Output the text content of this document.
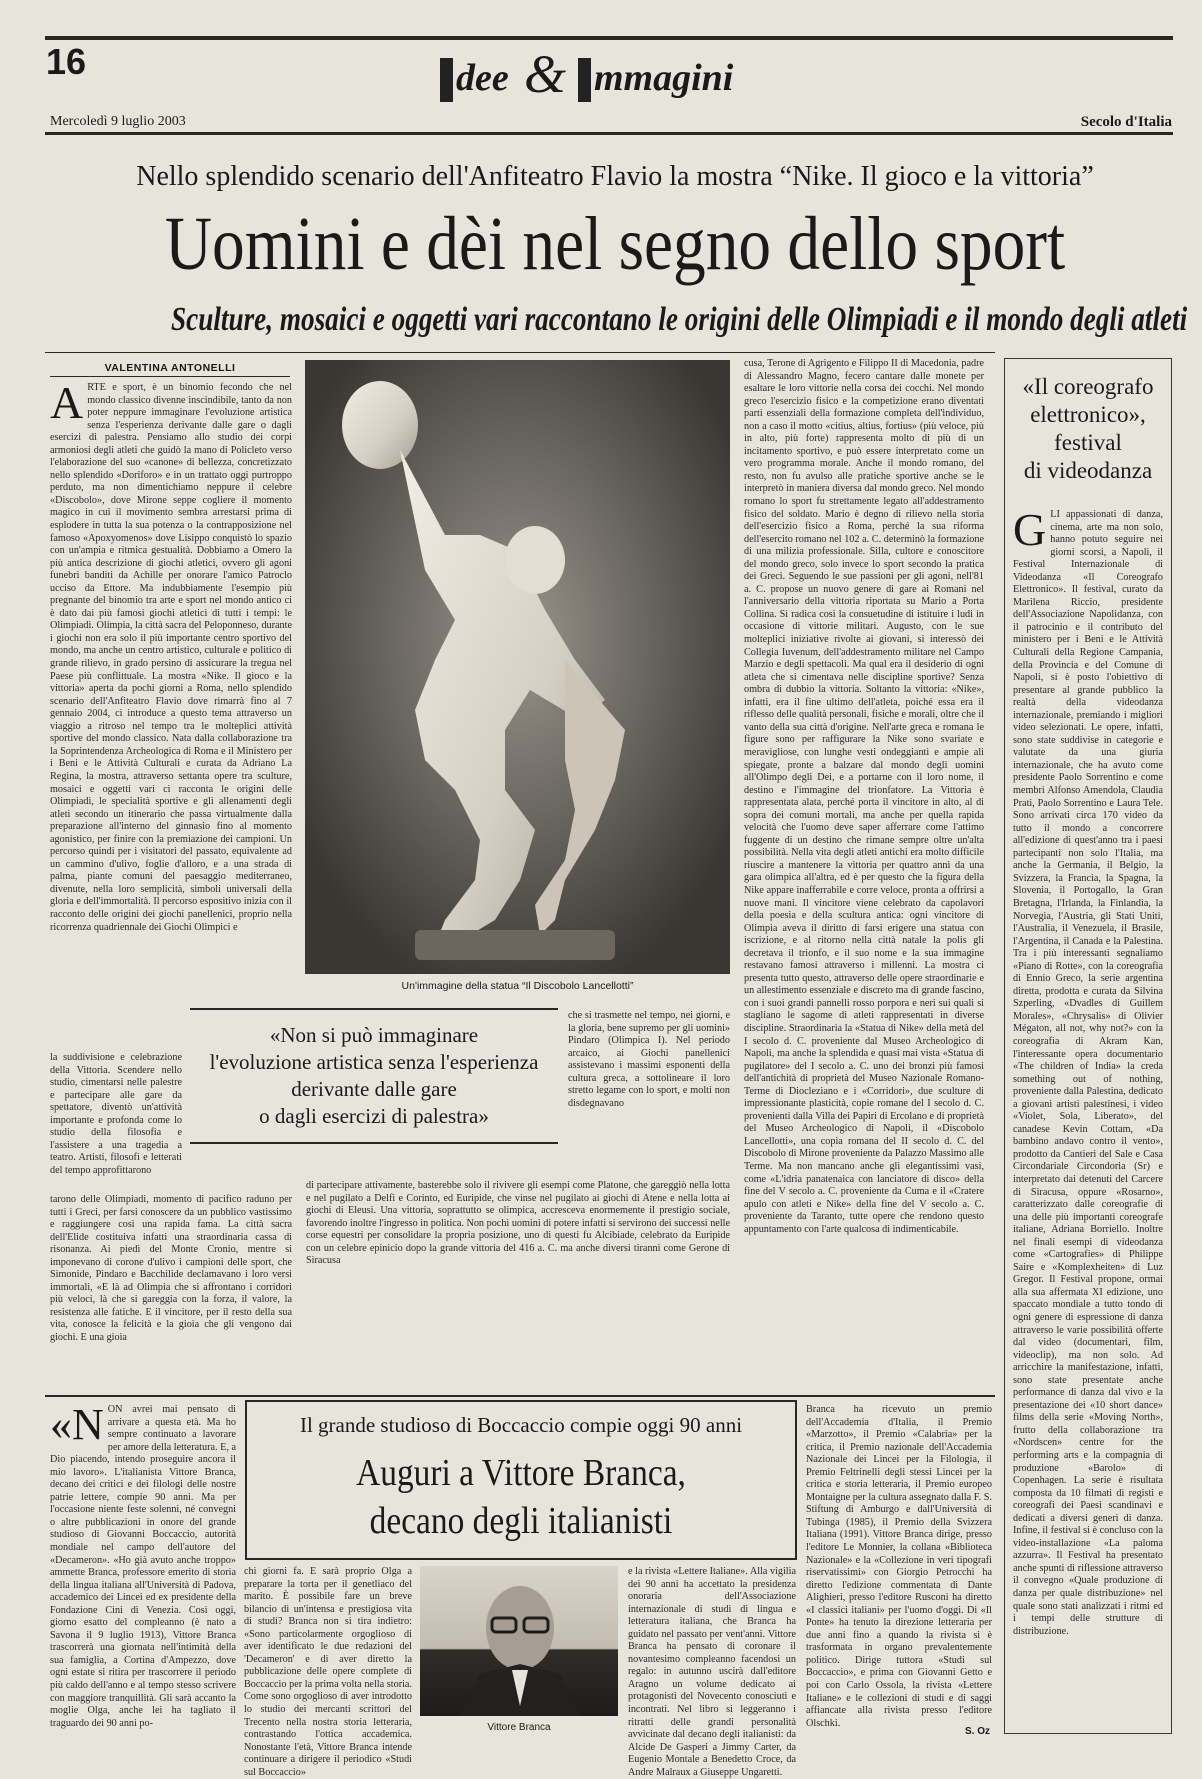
16	dee & mmagini
Mercoledì 9 luglio 2003	Secolo d'Italia
Nello splendido scenario dell'Anfiteatro Flavio la mostra “Nike. Il gioco e la vittoria”
Uomini e dèi nel segno dello sport
Sculture, mosaici e oggetti vari raccontano le origini delle Olimpiadi e il mondo degli atleti
VALENTINA ANTONELLI
ARTE e sport, è un binomio fecondo che nel mondo classico divenne inscindibile, tanto da non poter neppure immaginare l'evoluzione artistica senza l'esperienza derivante dalle gare o dagli esercizi di palestra. Pensiamo allo studio dei corpi armoniosi degli atleti che guidò la mano di Policleto verso l'elaborazione del suo «canone» di bellezza, concretizzato nello splendido «Doriforo» e in un trattato oggi purtroppo perduto, ma non dimentichiamo neppure il celebre «Discobolo», dove Mirone seppe cogliere il momento magico in cui il movimento sembra arrestarsi prima di esplodere in tutta la sua potenza o la contrapposizione nel famoso «Apoxyomenos» dove Lisippo conquistò lo spazio con un'ampia e ritmica gestualità. Dobbiamo a Omero la più antica descrizione di giochi atletici, ovvero gli agoni funebri banditi da Achille per onorare l'amico Patroclo ucciso da Ettore. Ma indubbiamente l'esempio più pregnante del binomio tra arte e sport nel mondo antico ci è dato dai più famosi giochi atletici di tutti i tempi: le Olimpiadi. Olimpia, la città sacra del Peloponneso, durante i giochi non era solo il più importante centro sportivo del mondo, ma anche un centro artistico, culturale e politico di grande rilievo, in grado persino di assicurare la tregua nel Paese più conflittuale. La mostra «Nike. Il gioco e la vittoria» aperta da pochi giorni a Roma, nello splendido scenario dell'Anfiteatro Flavio dove rimarrà fino al 7 gennaio 2004, ci introduce a questo tema attraverso un viaggio a ritroso nel tempo tra le molteplici attività sportive del mondo classico. Nata dalla collaborazione tra la Soprintendenza Archeologica di Roma e il Ministero per i Beni e le Attività Culturali e curata da Adriano La Regina, la mostra, attraverso settanta opere tra sculture, mosaici e oggetti vari ci racconta le origini delle Olimpiadi, le specialità sportive e gli allenamenti degli atleti secondo un itinerario che passa virtualmente dalla preparazione all'interno del ginnasio fino al momento agonistico, per finire con la premiazione dei campioni. Un percorso quindi per i visitatori del passato, equivalente ad un cammino d'ulivo, foglie d'alloro, e a una strada di palma, piante comuni del paesaggio mediterraneo, divenute, nella loro semplicità, simboli universali della gloria e dell'immortalità. Il percorso espositivo inizia con il racconto delle origini dei giochi panellenici, proprio nella ricorrenza quadriennale dei Giochi Olimpici e
Un'immagine della statua “Il Discobolo Lancellotti”
la suddivisione e celebrazione della Vittoria. Scendere nello studio, cimentarsi nelle palestre e partecipare alle gare da spettatore, diventò un'attività importante e profonda come lo studio della filosofia e l'assistere a una tragedia a teatro. Artisti, filosofi e letterati del tempo approfittarono
«Non si può immaginare
l'evoluzione artistica senza l'esperienza
derivante dalle gare
o dagli esercizi di palestra»
che si trasmette nel tempo, nei giorni, e la gloria, bene supremo per gli uomini» Pindaro (Olimpica I). Nel periodo arcaico, ai Giochi panellenici assistevano i massimi esponenti della cultura greca, a sottolineare il loro stretto legame con lo sport, e molti non disdegnavano
tarono delle Olimpiadi, momento di pacifico raduno per tutti i Greci, per farsi conoscere da un pubblico vastissimo e raggiungere così una rapida fama. La città sacra dell'Elide costituiva infatti una straordinaria cassa di risonanza. Ai piedi del Monte Cronio, mentre si imponevano di corone d'ulivo i campioni delle sport, che Simonide, Pindaro e Bacchilide declamavano i loro versi immortali, «E là ad Olimpia che si affrontano i corridori più veloci, là che si gareggia con la forza, il valore, la resistenza alle fatiche. E il vincitore, per il resto della sua vita, conosce la felicità e la gioia che gli vengono dai giochi. E una gioia
di partecipare attivamente, basterebbe solo il rivivere gli esempi come Platone, che gareggiò nella lotta e nel pugilato a Delfi e Corinto, ed Euripide, che vinse nel pugilato ai giochi di Atene e nella lotta ai giochi di Eleusi. Una vittoria, soprattutto se olimpica, accresceva enormemente il prestigio sociale, favorendo inoltre l'ingresso in politica. Non pochi uomini di potere infatti si servirono dei successi nelle corse equestri per consolidare la propria posizione, uno di questi fu Alcibiade, celebrato da Euripide con un celebre epinicio dopo la grande vittoria del 416 a. C. ma anche diversi tiranni come Gerone di Siracusa
cusa, Terone di Agrigento e Filippo II di Macedonia, padre di Alessandro Magno, fecero cantare dalle monete per esaltare le loro vittorie nella corsa dei cocchi. Nel mondo greco l'esercizio fisico e la competizione erano diventati parti essenziali della formazione completa dell'individuo, non a caso il motto «citius, altius, fortius» (più veloce, più in alto, più forte) rappresenta molto di più di un incitamento sportivo, e può essere interpretato come un vero programma morale. Anche il mondo romano, del resto, non fu avulso alle pratiche sportive anche se le interpretò in maniera diversa dal mondo greco. Nel mondo romano lo sport fu strettamente legato all'addestramento fisico del soldato. Mario è degno di rilievo nella storia dell'esercizio fisico a Roma, perché la sua riforma dell'esercito romano nel 102 a. C. determinò la formazione di una milizia professionale. Silla, cultore e conoscitore del mondo greco, solo invece lo sport secondo la pratica dei Greci. Seguendo le sue passioni per gli agoni, nell'81 a. C. propose un nuovo genere di gare ai Romani nel l'anniversario della vittoria riportata su Mario a Porta Collina. Si radica così la consuetudine di istituire i ludi in occasione di vittorie militari. Augusto, con le sue molteplici iniziative rivolte ai giovani, si interessò dei Collegia Iuvenum, dell'addestramento militare nel Campo Marzio e degli spettacoli. Ma qual era il desiderio di ogni atleta che si cimentava nelle discipline sportive? Senza ombra di dubbio la vittoria. Soltanto la vittoria: «Nike», infatti, era il fine ultimo dell'atleta, poiché essa era il riflesso delle qualità personali, fisiche e morali, oltre che il vanto della sua città d'origine. Nell'arte greca e romana le figure sono per raffigurare la Nike sono svariate e meravigliose, con lunghe vesti ondeggianti e ampie ali spiegate, pronte a balzare dal mondo degli uomini all'Olimpo degli Dei, e a portarne con il loro nome, il destino e l'immagine del trionfatore. La Vittoria è rappresentata alata, perché porta il vincitore in alto, al di sopra dei comuni mortali, ma anche per quella rapida velocità che l'uomo deve saper afferrare come l'attimo fuggente di un destino che rimane sempre oltre un'alta possibilità. Nella vita degli atleti antichi era molto difficile riuscire a mantenere la vittoria per quattro anni da una gara olimpica all'altra, ed è per questo che la figura della Nike appare inafferrabile e corre veloce, pronta a offrirsi a nuove mani. Il vincitore viene celebrato da capolavori della poesia e della scultura antica: ogni vincitore di Olimpia aveva il diritto di farsi erigere una statua con iscrizione, e al ritorno nella città natale la polis gli decretava il trionfo, e il suo nome e la sua immagine restavano famosi attraverso i millenni. La mostra ci presenta tutto questo, attraverso delle opere straordinarie e un allestimento essenziale e discreto ma di grande fascino, con i suoi grandi pannelli rosso porpora e neri sui quali si stagliano le sagome di atleti rappresentati in diverse discipline. Straordinaria la «Statua di Nike» della metà del I secolo d. C. proveniente dal Museo Archeologico di Napoli, ma anche la splendida e quasi mai vista «Statua di pugilatore» del I secolo a. C. uno dei bronzi più famosi dell'antichità di proprietà del Museo Nazionale Romano-Terme di Diocleziano e i «Corridori», due sculture di impressionante plasticità, copie romane del I secolo d. C. provenienti dalla Villa dei Papiri di Ercolano e di proprietà del Museo Archeologico di Napoli, il «Discobolo Lancellotti», una copia romana del II secolo d. C. del Discobolo di Mirone proveniente da Palazzo Massimo alle Terme. Ma non mancano anche gli elegantissimi vasi, come «L'idria panatenaica con lanciatore di disco» della fine del V secolo a. C. proveniente da Cuma e il «Cratere apulo con atleti e Nike» della fine del V secolo a. C. proveniente da Taranto, tutte opere che rendono questo appuntamento con l'arte qualcosa di indimenticabile.
«Il coreografo
elettronico»,
festival
di videodanza
GLI appassionati di danza, cinema, arte ma non solo, hanno potuto seguire nei giorni scorsi, a Napoli, il Festival Internazionale di Videodanza «Il Coreografo Elettronico». Il festival, curato da Marilena Riccio, presidente dell'Associazione Napolidanza, con il patrocinio e il contributo del ministero per i Beni e le Attività Culturali della Regione Campania, della Provincia e del Comune di Napoli, si è posto l'obiettivo di presentare al grande pubblico la realtà della videodanza internazionale, premiando i migliori video selezionati. Le opere, infatti, sono state suddivise in categorie e valutate da una giuria internazionale, che ha avuto come presidente Paolo Sorrentino e come membri Alfonso Amendola, Claudia Prati, Paolo Sorrentino e Laura Tele. Sono arrivati circa 170 video da tutto il mondo a concorrere all'edizione di quest'anno tra i paesi partecipanti non solo l'Italia, ma anche la Germania, il Belgio, la Svizzera, la Francia, la Spagna, la Slovenia, il Portogallo, la Gran Bretagna, l'Irlanda, la Finlandia, la Norvegia, l'Austria, gli Stati Uniti, l'Australia, il Venezuela, il Brasile, l'Argentina, il Canada e la Palestina. Tra i più interessanti segnaliamo «Piano di Rotte», con la coreografia di Ennio Greco, la serie argentina diretta, prodotta e curata da Silvina Szperling, «Dvadles di Guillem Morales», «Chrysalis» di Olivier Mégaton, all not, why not?» con la coreografia di Akram Kan, l'interessante opera documentario «The children of India» la creda something out of nothing, proveniente dalla Palestina, dedicato a giovani artisti palestinesi, i video «Violet, Sola, Liberato», del canadese Kevin Cottam, «Da bambino andavo contro il vento», prodotto da Cantieri del Sale e Casa Circondariale Circondoria (Sr) e interpretato dai detenuti del Carcere di Siracusa, oppure «Rosarno», caratterizzato dalle coreografie di una delle più importanti coreografe italiane, Adriana Borriello. Inoltre nel finali esempi di videodanza come «Cartografies» di Philippe Saire e «Komplexheiten» di Luz Gregor. Il Festival propone, ormai alla sua affermata XI edizione, uno spaccato mondiale a tutto tondo di ogni genere di espressione di danza attraverso le varie possibilità offerte dal video (documentari, film, videoclip), ma non solo. Ad arricchire la manifestazione, infatti, sono state presentate anche performance di danza dal vivo e la presentazione dei «10 short dance» films della serie «Moving North», frutto della collaborazione tra «Nordscen» centre for the performing arts e la compagnia di produzione «Barolo» di Copenhagen. La serie è risultata composta da 10 filmati di registi e coreografi dei Paesi scandinavi e dedicati a diversi generi di danza. Infine, il festival si è concluso con la video-installazione «La paloma azzurra». Il Festival ha presentato anche spunti di riflessione attraverso il convegno «Quale produzione di danza per quale distribuzione» nel quale sono stati analizzati i ritmi ed i tempi delle strutture di distribuzione.
Il grande studioso di Boccaccio compie oggi 90 anni
Auguri a Vittore Branca,
decano degli italianisti
«NON avrei mai pensato di arrivare a questa età. Ma ho sempre continuato a lavorare per amore della letteratura. E, a Dio piacendo, intendo proseguire ancora il mio lavoro». L'italianista Vittore Branca, decano dei critici e dei filologi delle nostre patrie lettere, compie 90 anni. Ma per l'occasione niente feste solenni, né convegni o altre pubblicazioni in onore del grande studioso di Giovanni Boccaccio, autorità mondiale nel campo dell'autore del «Decameron». «Ho già avuto anche troppo» ammette Branca, professore emerito di storia della lingua italiana all'Università di Padova, accademico dei Lincei ed ex presidente della Fondazione Cini di Venezia. Così oggi, giorno esatto del compleanno (è nato a Savona il 9 luglio 1913), Vittore Branca trascorrerà una giornata nell'intimità della sua famiglia, a Cortina d'Ampezzo, dove ogni estate si ritira per trascorrere il periodo più caldo dell'anno e al tempo stesso scrivere con maggiore tranquillità. Gli sarà accanto la moglie Olga, anche lei ha tagliato il traguardo dei 90 anni po-
chi giorni fa. E sarà proprio Olga a preparare la torta per il genetliaco del marito. È possibile fare un breve bilancio di un'intensa e prestigiosa vita di studi? Branca non si tira indietro: «Sono particolarmente orgoglioso di aver identificato le due redazioni del 'Decameron' e di aver diretto la pubblicazione delle opere complete di Boccaccio per la prima volta nella storia. Come sono orgoglioso di aver introdotto lo studio dei mercanti scrittori del Trecento nella nostra storia letteraria, contrastando l'ottica accademica. Nonostante l'età, Vittore Branca intende continuare a dirigere il periodico «Studi sul Boccaccio»
Vittore Branca
e la rivista «Lettere Italiane». Alla vigilia dei 90 anni ha accettato la presidenza onoraria dell'Associazione internazionale di studi di lingua e letteratura italiana, che Branca ha guidato nel passato per vent'anni. Vittore Branca ha pensato di coronare il novantesimo compleanno facendosi un regalo: in autunno uscirà dall'editore Aragno un volume dedicato ai protagonisti del Novecento conosciuti e incontrati. Nel libro si leggeranno i ritratti delle grandi personalità avvicinate dal decano degli italianisti: da Alcide De Gasperi a Jimmy Carter, da Eugenio Montale a Benedetto Croce, da Andre Malraux a Giuseppe Ungaretti.
Branca ha ricevuto un premio dell'Accademia d'Italia, il Premio «Marzotto», il Premio «Calabria» per la critica, il Premio nazionale dell'Accademia Nazionale dei Lincei per la Filologia, il Premio Feltrinelli degli stessi Lincei per la critica e storia letteraria, il Premio europeo Montaigne per la cultura assegnato dalla F. S. Stiftung di Amburgo e dall'Università di Tubinga (1985), il Premio della Svizzera Italiana (1991). Vittore Branca dirige, presso l'editore Le Monnier, la collana «Biblioteca Nazionale» e la «Collezione in veri tipografi riservatissimi» con Giorgio Petrocchi ha diretto l'edizione commentata di Dante Alighieri, presso l'editore Rusconi ha diretto «I classici italiani» per l'uomo d'oggi. Di «Il Ponte» ha tenuto la direzione letteraria per due anni fino a quando la rivista si è trasformata in organo prevalentemente politico. Dirige tuttora «Studi sul Boccaccio», e prima con Giovanni Getto e poi con Carlo Ossola, la rivista «Lettere Italiane» e le collezioni di studi e di saggi affiancate alla rivista presso l'editore Olschki.
S. Oz
